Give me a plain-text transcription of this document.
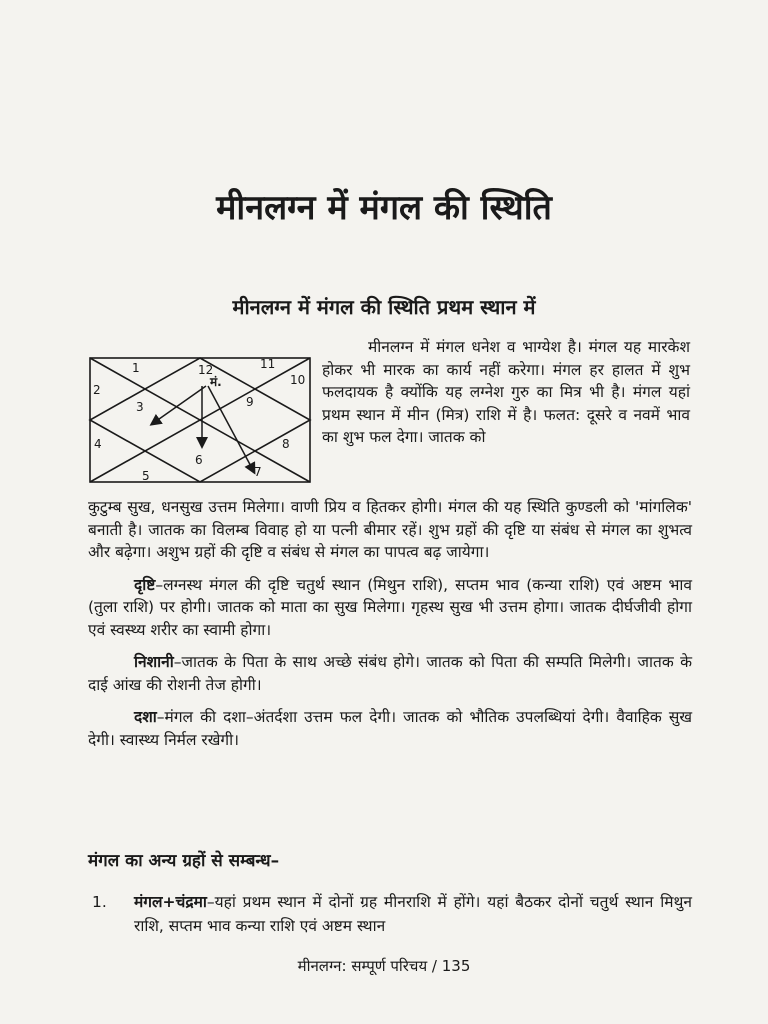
मीनलग्न में मंगल की स्थिति
मीनलग्न में मंगल की स्थिति प्रथम स्थान में
1
2
3
4
5
6
7
8
9
10
11
12
मं.

मीनलग्न में मंगल धनेश व भाग्येश है। मंगल यह मारकेश होकर भी मारक का कार्य नहीं करेगा। मंगल हर हालत में शुभ फलदायक है क्योंकि यह लग्नेश गुरु का मित्र भी है। मंगल यहां प्रथम स्थान में मीन (मित्र) राशि में है। फलत: दूसरे व नवमें भाव का शुभ फल देगा। जातक को

कुटुम्ब सुख, धनसुख उत्तम मिलेगा। वाणी प्रिय व हितकर होगी। मंगल की यह स्थिति कुण्डली को 'मांगलिक' बनाती है। जातक का विलम्ब विवाह हो या पत्नी बीमार रहें। शुभ ग्रहों की दृष्टि या संबंध से मंगल का शुभत्व और बढ़ेगा। अशुभ ग्रहों की दृष्टि व संबंध से मंगल का पापत्व बढ़ जायेगा।

दृष्टि–लग्नस्थ मंगल की दृष्टि चतुर्थ स्थान (मिथुन राशि), सप्तम भाव (कन्या राशि) एवं अष्टम भाव (तुला राशि) पर होगी। जातक को माता का सुख मिलेगा। गृहस्थ सुख भी उत्तम होगा। जातक दीर्घजीवी होगा एवं स्वस्थ्य शरीर का स्वामी होगा।

निशानी–जातक के पिता के साथ अच्छे संबंध होगे। जातक को पिता की सम्पति मिलेगी। जातक के दाई आंख की रोशनी तेज होगी।

दशा–मंगल की दशा–अंतर्दशा उत्तम फल देगी। जातक को भौतिक उपलब्धियां देगी। वैवाहिक सुख देगी। स्वास्थ्य निर्मल रखेगी।

मंगल का अन्य ग्रहों से सम्बन्ध–
1. मंगल+चंद्रमा–यहां प्रथम स्थान में दोनों ग्रह मीनराशि में होंगे। यहां बैठकर दोनों चतुर्थ स्थान मिथुन राशि, सप्तम भाव कन्या राशि एवं अष्टम स्थान

मीनलग्न: सम्पूर्ण परिचय / 135
